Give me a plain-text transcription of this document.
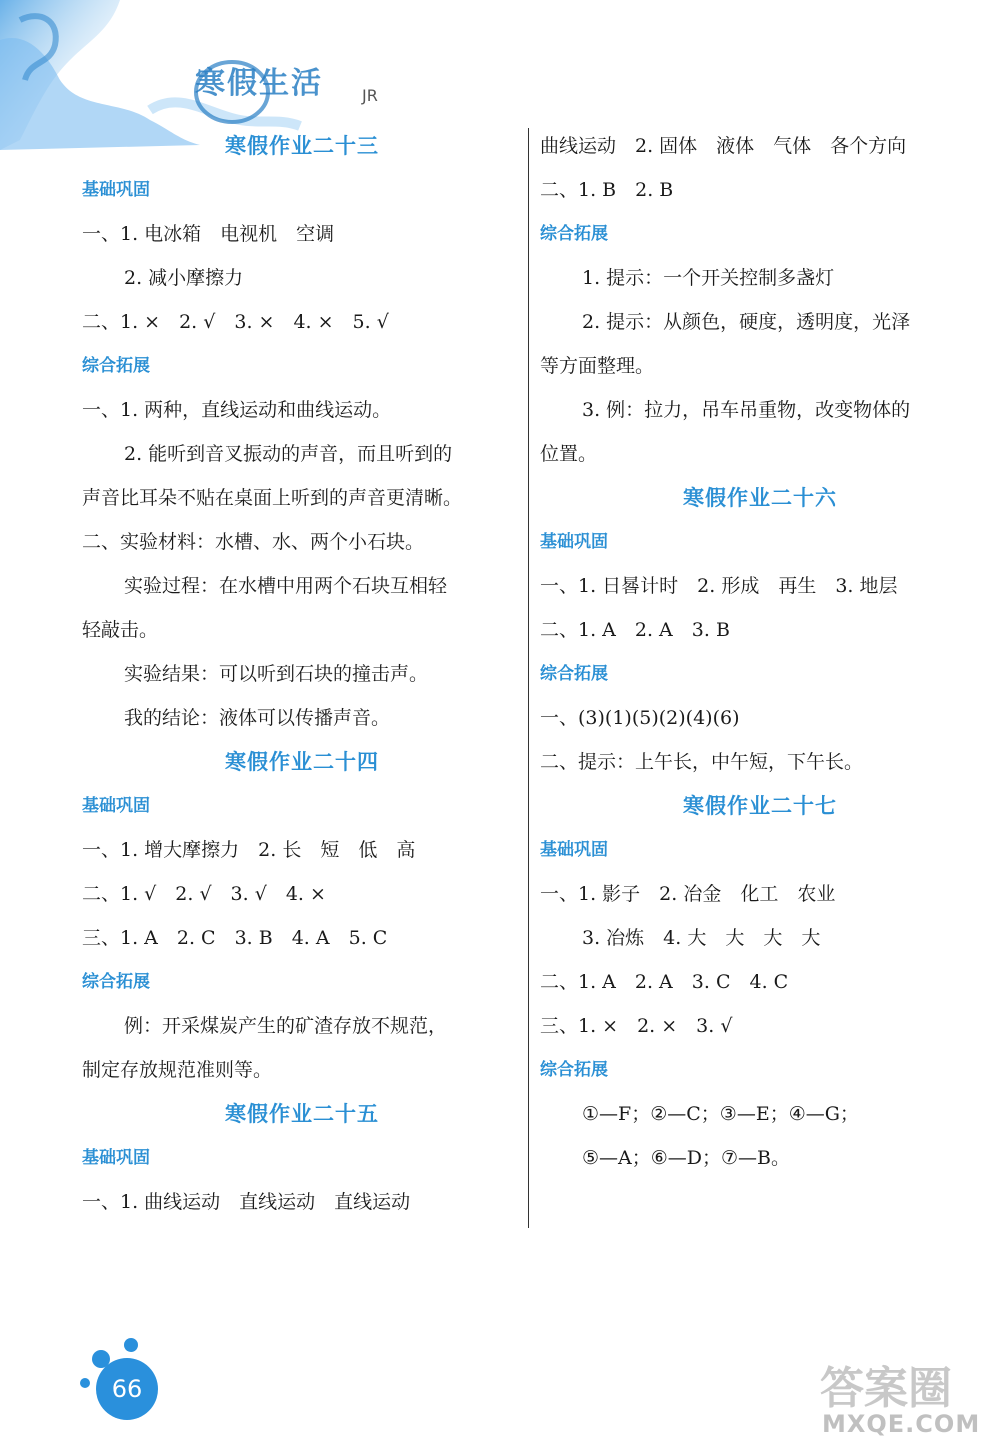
寒假生活 JR
寒假作业二十三
基础巩固
一、1. 电冰箱　电视机　空调
2. 减小摩擦力
二、1. ×　2. √　3. ×　4. ×　5. √
综合拓展
一、1. 两种，直线运动和曲线运动。
2. 能听到音叉振动的声音，而且听到的
声音比耳朵不贴在桌面上听到的声音更清晰。
二、实验材料：水槽、水、两个小石块。
实验过程：在水槽中用两个石块互相轻
轻敲击。
实验结果：可以听到石块的撞击声。
我的结论：液体可以传播声音。
寒假作业二十四
基础巩固
一、1. 增大摩擦力　2. 长　短　低　高
二、1. √　2. √　3. √　4. ×
三、1. A　2. C　3. B　4. A　5. C
综合拓展
例：开采煤炭产生的矿渣存放不规范，
制定存放规范准则等。
寒假作业二十五
基础巩固
一、1. 曲线运动　直线运动　直线运动
曲线运动　2. 固体　液体　气体　各个方向
二、1. B　2. B
综合拓展
1. 提示：一个开关控制多盏灯
2. 提示：从颜色，硬度，透明度，光泽
等方面整理。
3. 例：拉力，吊车吊重物，改变物体的
位置。
寒假作业二十六
基础巩固
一、1. 日晷计时　2. 形成　再生　3. 地层
二、1. A　2. A　3. B
综合拓展
一、(3)(1)(5)(2)(4)(6)
二、提示：上午长，中午短，下午长。
寒假作业二十七
基础巩固
一、1. 影子　2. 冶金　化工　农业
3. 冶炼　4. 大　大　大　大
二、1. A　2. A　3. C　4. C
三、1. ×　2. ×　3. √
综合拓展
①—F；②—C；③—E；④—G；
⑤—A；⑥—D；⑦—B。
66	答案圈
MXQE.COM
